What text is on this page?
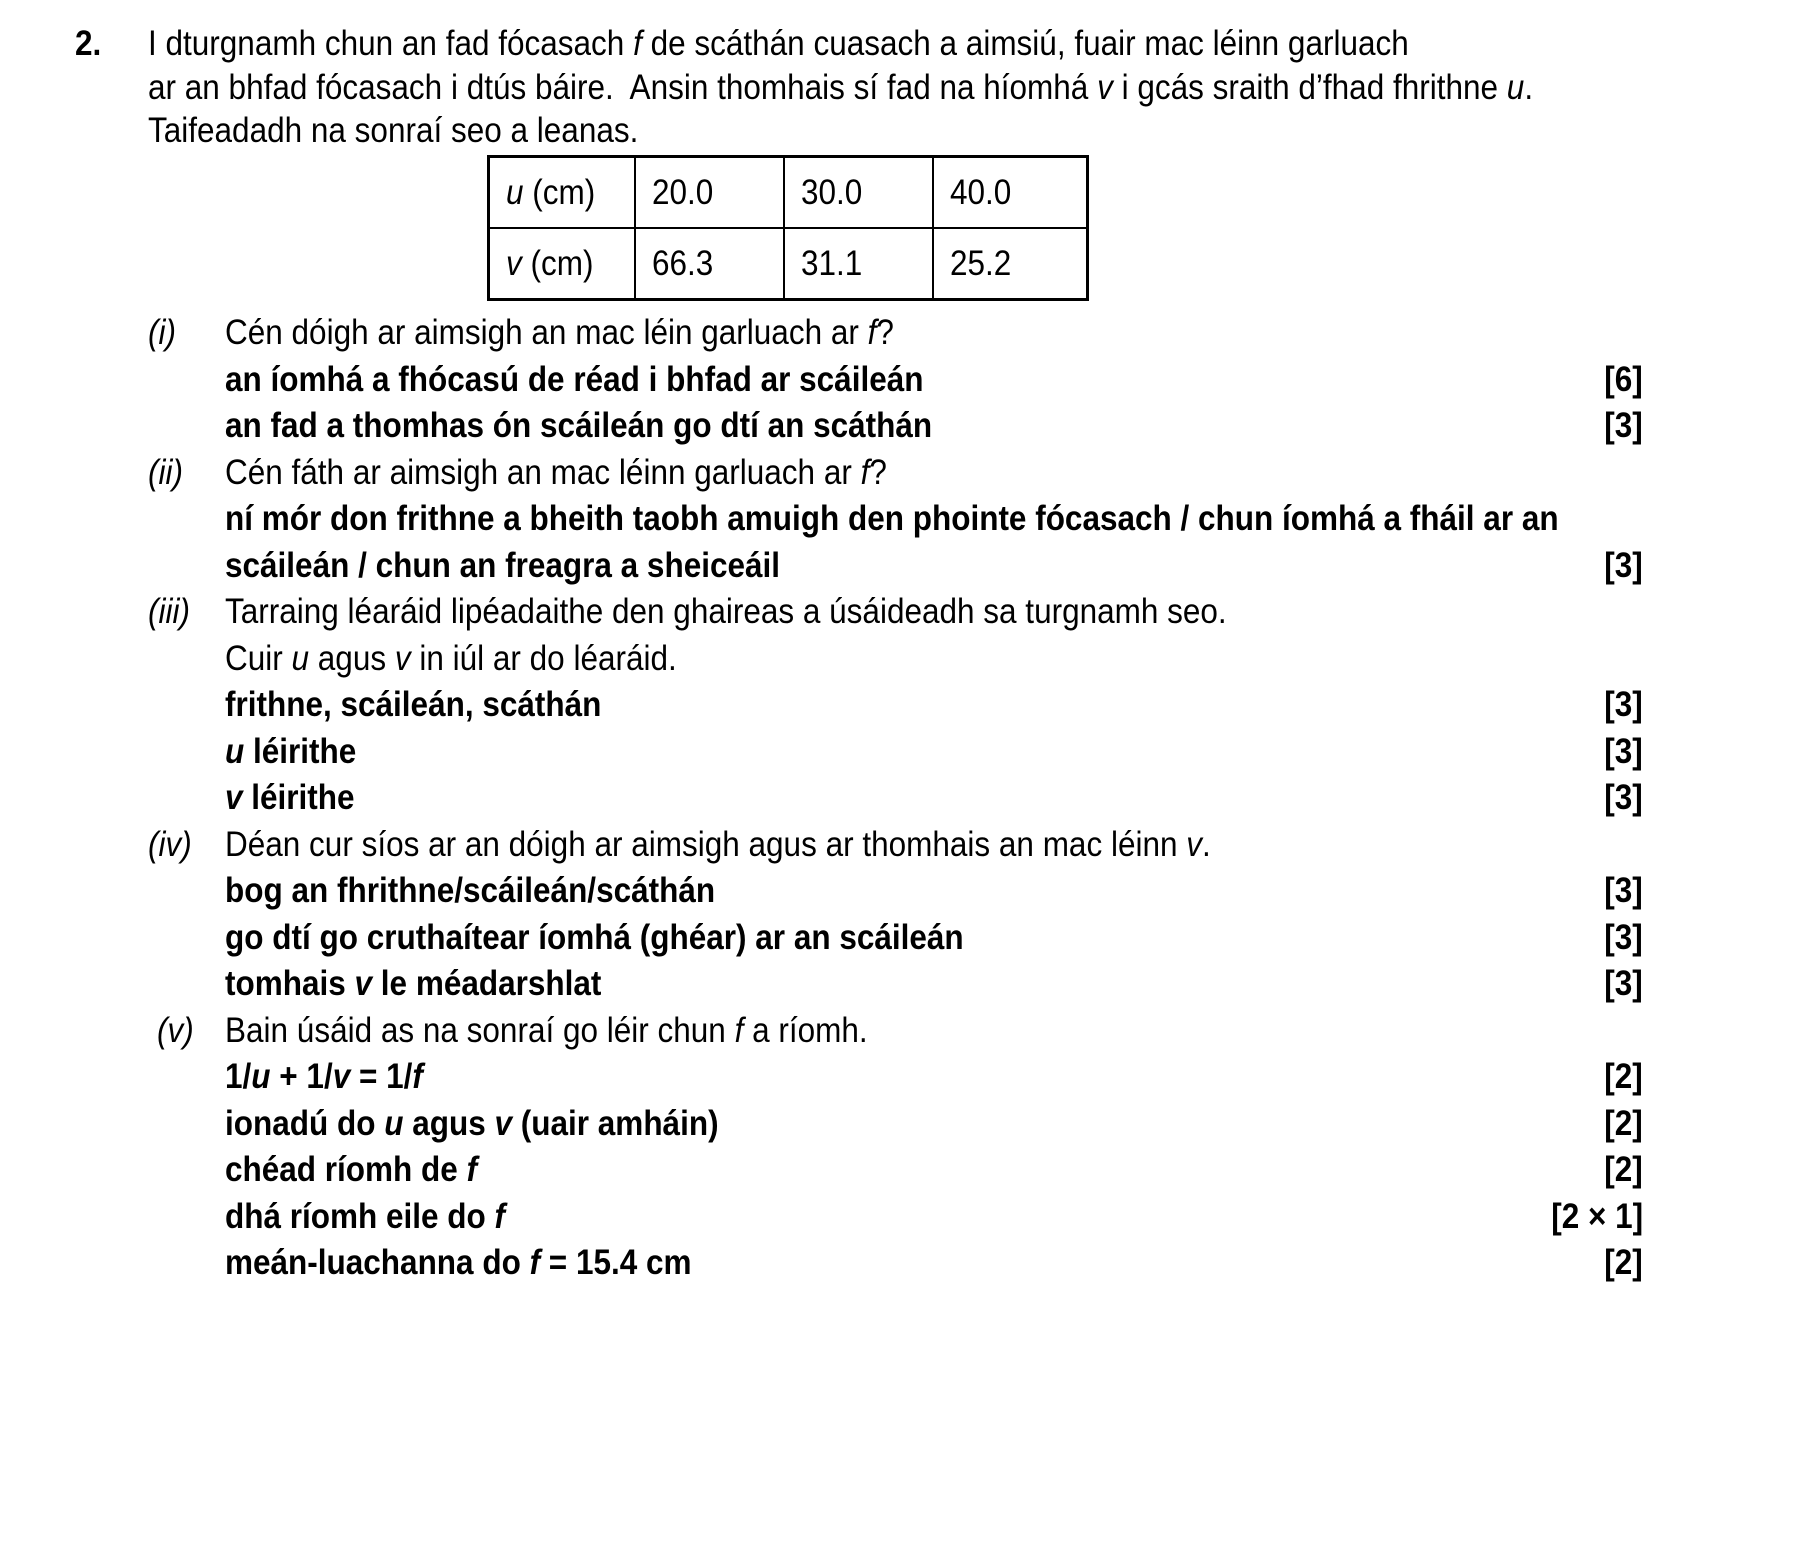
2.

I dturgnamh chun an fad fócasach f de scáthán cuasach a aimsiú, fuair mac léinn garluach

ar an bhfad fócasach i dtús báire.  Ansin thomhais sí fad na híomhá v i gcás sraith d’fhad fhrithne u.

Taifeadadh na sonraí seo a leanas.

u (cm)	20.0	30.0	40.0
v (cm)	66.3	31.1	25.2

(i)

Cén dóigh ar aimsigh an mac léin garluach ar f?

an íomhá a fhócasú de réad i bhfad ar scáileán

	[6]

an fad a thomhas ón scáileán go dtí an scáthán

	[3]

(ii)

Cén fáth ar aimsigh an mac léinn garluach ar f?

ní mór don frithne a bheith taobh amuigh den phointe fócasach / chun íomhá a fháil ar an

scáileán / chun an freagra a sheiceáil

	[3]

(iii)

Tarraing léaráid lipéadaithe den ghaireas a úsáideadh sa turgnamh seo.

Cuir u agus v in iúl ar do léaráid.

frithne, scáileán, scáthán

	[3]

u léirithe

	[3]

v léirithe

	[3]

(iv)

Déan cur síos ar an dóigh ar aimsigh agus ar thomhais an mac léinn v.

bog an fhrithne/scáileán/scáthán

	[3]

go dtí go cruthaítear íomhá (ghéar) ar an scáileán

	[3]

tomhais v le méadarshlat

	[3]

(v)

Bain úsáid as na sonraí go léir chun f a ríomh.

1/u + 1/v = 1/f

	[2]

ionadú do u agus v (uair amháin)

	[2]

chéad ríomh de f

	[2]

dhá ríomh eile do f

	[2 × 1]

meán-luachanna do f = 15.4 cm

	[2]
